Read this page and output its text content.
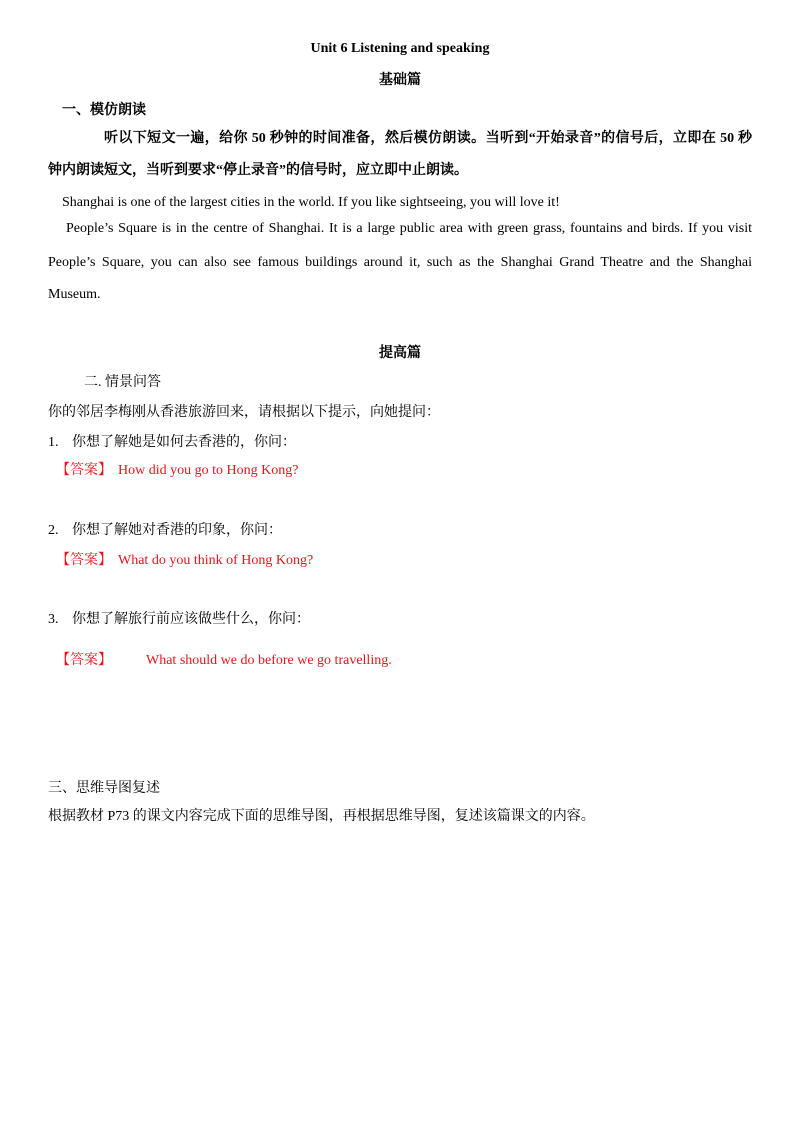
Unit 6 Listening and speaking
基础篇
一、模仿朗读
听以下短文一遍，给你 50 秒钟的时间准备，然后模仿朗读。当听到“开始录音”的信号后，立即在 50 秒
钟内朗读短文，当听到要求“停止录音”的信号时，应立即中止朗读。
Shanghai is one of the largest cities in the world. If you like sightseeing, you will love it!
People’s Square is in the centre of Shanghai. It is a large public area with green grass, fountains and birds. If you visit
People’s Square, you can also see famous buildings around it, such as the Shanghai Grand Theatre and the Shanghai
Museum.
提高篇
二. 情景问答
你的邻居李梅刚从香港旅游回来，请根据以下提示，向她提问：
1. 你想了解她是如何去香港的，你问：
【答案】 How did you go to Hong Kong?
2. 你想了解她对香港的印象，你问：
【答案】 What do you think of Hong Kong?
3. 你想了解旅行前应该做些什么，你问：
【答案】 What should we do before we go travelling.
三、思维导图复述
根据教材 P73 的课文内容完成下面的思维导图，再根据思维导图，复述该篇课文的内容。
